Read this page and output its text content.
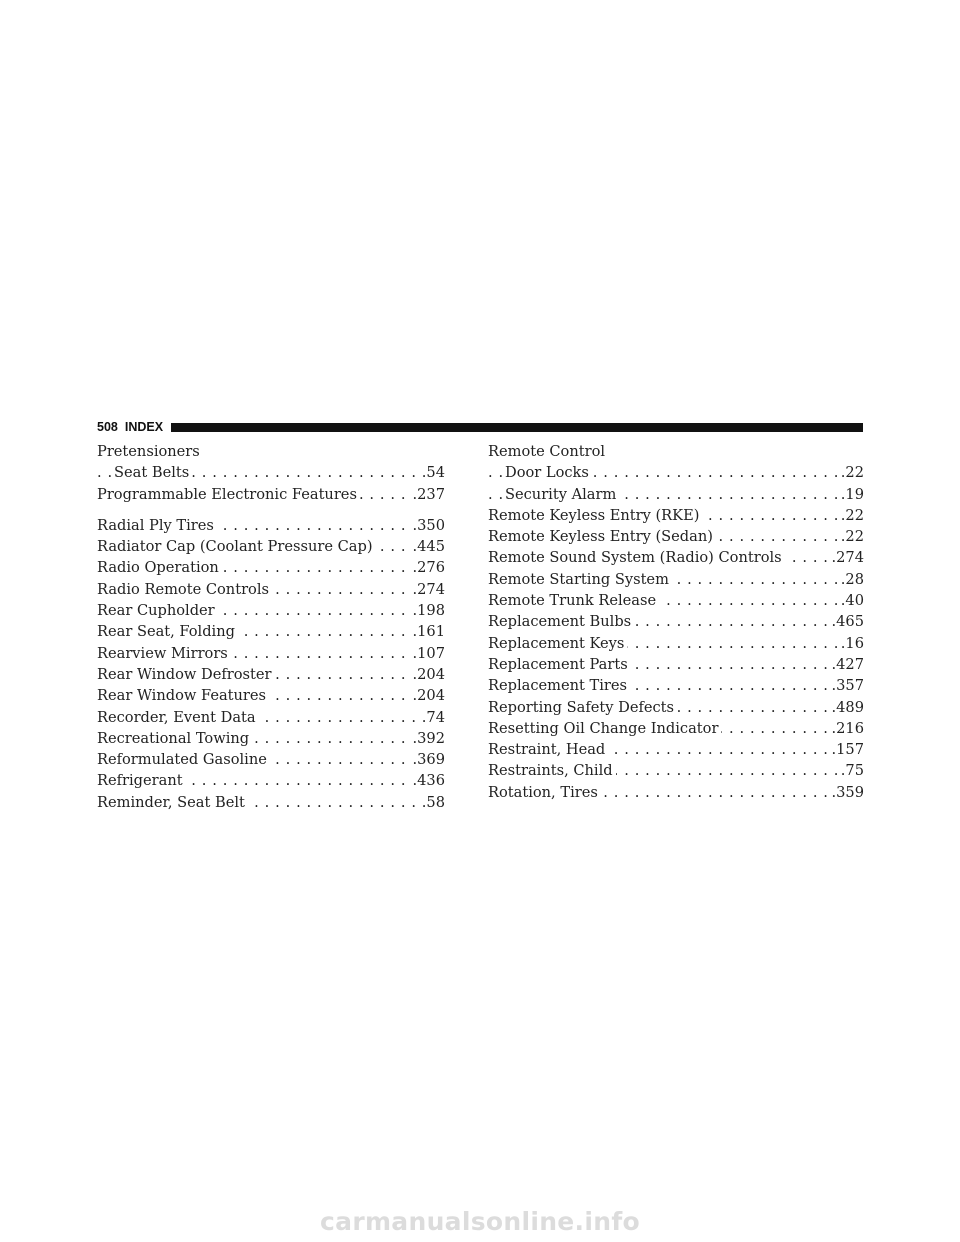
508 INDEX
Pretensioners
Seat Belts	.54
. . .
Programmable Electronic Features	.237
. . .
Radial Ply Tires	.350
. . .
Radiator Cap (Coolant Pressure Cap)	.445
. . .
Radio Operation	.276
. . .
Radio Remote Controls	.274
. . .
Rear Cupholder	.198
. . .
Rear Seat, Folding	.161
. . .
Rearview Mirrors	.107
. . .
Rear Window Defroster	.204
. . .
Rear Window Features	.204
. . .
Recorder, Event Data	.74
. . .
Recreational Towing	.392
. . .
Reformulated Gasoline	.369
. . .
Refrigerant	.436
. . .
Reminder, Seat Belt	.58
. . .
Remote Control
Door Locks	.22
. . .
Security Alarm	.19
. . .
Remote Keyless Entry (RKE)	.22
. . .
Remote Keyless Entry (Sedan)	.22
. . .
Remote Sound System (Radio) Controls	.274
. . .
Remote Starting System	.28
. . .
Remote Trunk Release	.40
. . .
Replacement Bulbs	.465
. . .
Replacement Keys	.16
. . .
Replacement Parts	.427
. . .
Replacement Tires	.357
. . .
Reporting Safety Defects	.489
. . .
Resetting Oil Change Indicator	.216
. . .
Restraint, Head	.157
. . .
Restraints, Child	.75
. . .
Rotation, Tires	.359
. . .
carmanualsonline.info
